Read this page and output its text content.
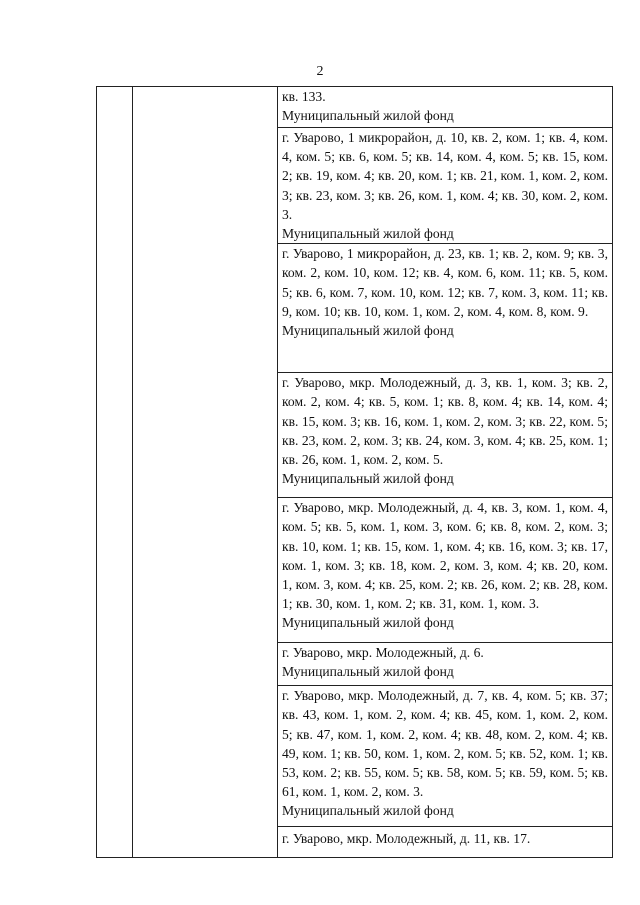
2

кв. 133.
Муниципальный жилой фонд

г. Уварово, 1 микрорайон, д. 10, кв. 2, ком. 1; кв. 4, ком. 4, ком. 5; кв. 6, ком. 5; кв. 14, ком. 4, ком. 5; кв. 15, ком. 2; кв. 19, ком. 4; кв. 20, ком. 1; кв. 21, ком. 1, ком. 2, ком. 3; кв. 23, ком. 3; кв. 26, ком. 1, ком. 4; кв. 30, ком. 2, ком. 3.
Муниципальный жилой фонд

г. Уварово, 1 микрорайон, д. 23, кв. 1; кв. 2, ком. 9; кв. 3, ком. 2, ком. 10, ком. 12; кв. 4, ком. 6, ком. 11; кв. 5, ком. 5; кв. 6, ком. 7, ком. 10, ком. 12; кв. 7, ком. 3, ком. 11; кв. 9, ком. 10; кв. 10, ком. 1, ком. 2, ком. 4, ком. 8, ком. 9.
Муниципальный жилой фонд

г. Уварово, мкр. Молодежный, д. 3, кв. 1, ком. 3; кв. 2, ком. 2, ком. 4; кв. 5, ком. 1; кв. 8, ком. 4; кв. 14, ком. 4; кв. 15, ком. 3; кв. 16, ком. 1, ком. 2, ком. 3; кв. 22, ком. 5; кв. 23, ком. 2, ком. 3; кв. 24, ком. 3, ком. 4; кв. 25, ком. 1; кв. 26, ком. 1, ком. 2, ком. 5.
Муниципальный жилой фонд

г. Уварово, мкр. Молодежный, д. 4, кв. 3, ком. 1, ком. 4, ком. 5; кв. 5, ком. 1, ком. 3, ком. 6; кв. 8, ком. 2, ком. 3; кв. 10, ком. 1; кв. 15, ком. 1, ком. 4; кв. 16, ком. 3; кв. 17, ком. 1, ком. 3; кв. 18, ком. 2, ком. 3, ком. 4; кв. 20, ком. 1, ком. 3, ком. 4; кв. 25, ком. 2; кв. 26, ком. 2; кв. 28, ком. 1; кв. 30, ком. 1, ком. 2; кв. 31, ком. 1, ком. 3.
Муниципальный жилой фонд

г. Уварово, мкр. Молодежный, д. 6.
Муниципальный жилой фонд

г. Уварово, мкр. Молодежный, д. 7, кв. 4, ком. 5; кв. 37; кв. 43, ком. 1, ком. 2, ком. 4; кв. 45, ком. 1, ком. 2, ком. 5; кв. 47, ком. 1, ком. 2, ком. 4; кв. 48, ком. 2, ком. 4; кв. 49, ком. 1; кв. 50, ком. 1, ком. 2, ком. 5; кв. 52, ком. 1; кв. 53, ком. 2; кв. 55, ком. 5; кв. 58, ком. 5; кв. 59, ком. 5; кв. 61, ком. 1, ком. 2, ком. 3.
Муниципальный жилой фонд

г. Уварово, мкр. Молодежный, д. 11, кв. 17.
